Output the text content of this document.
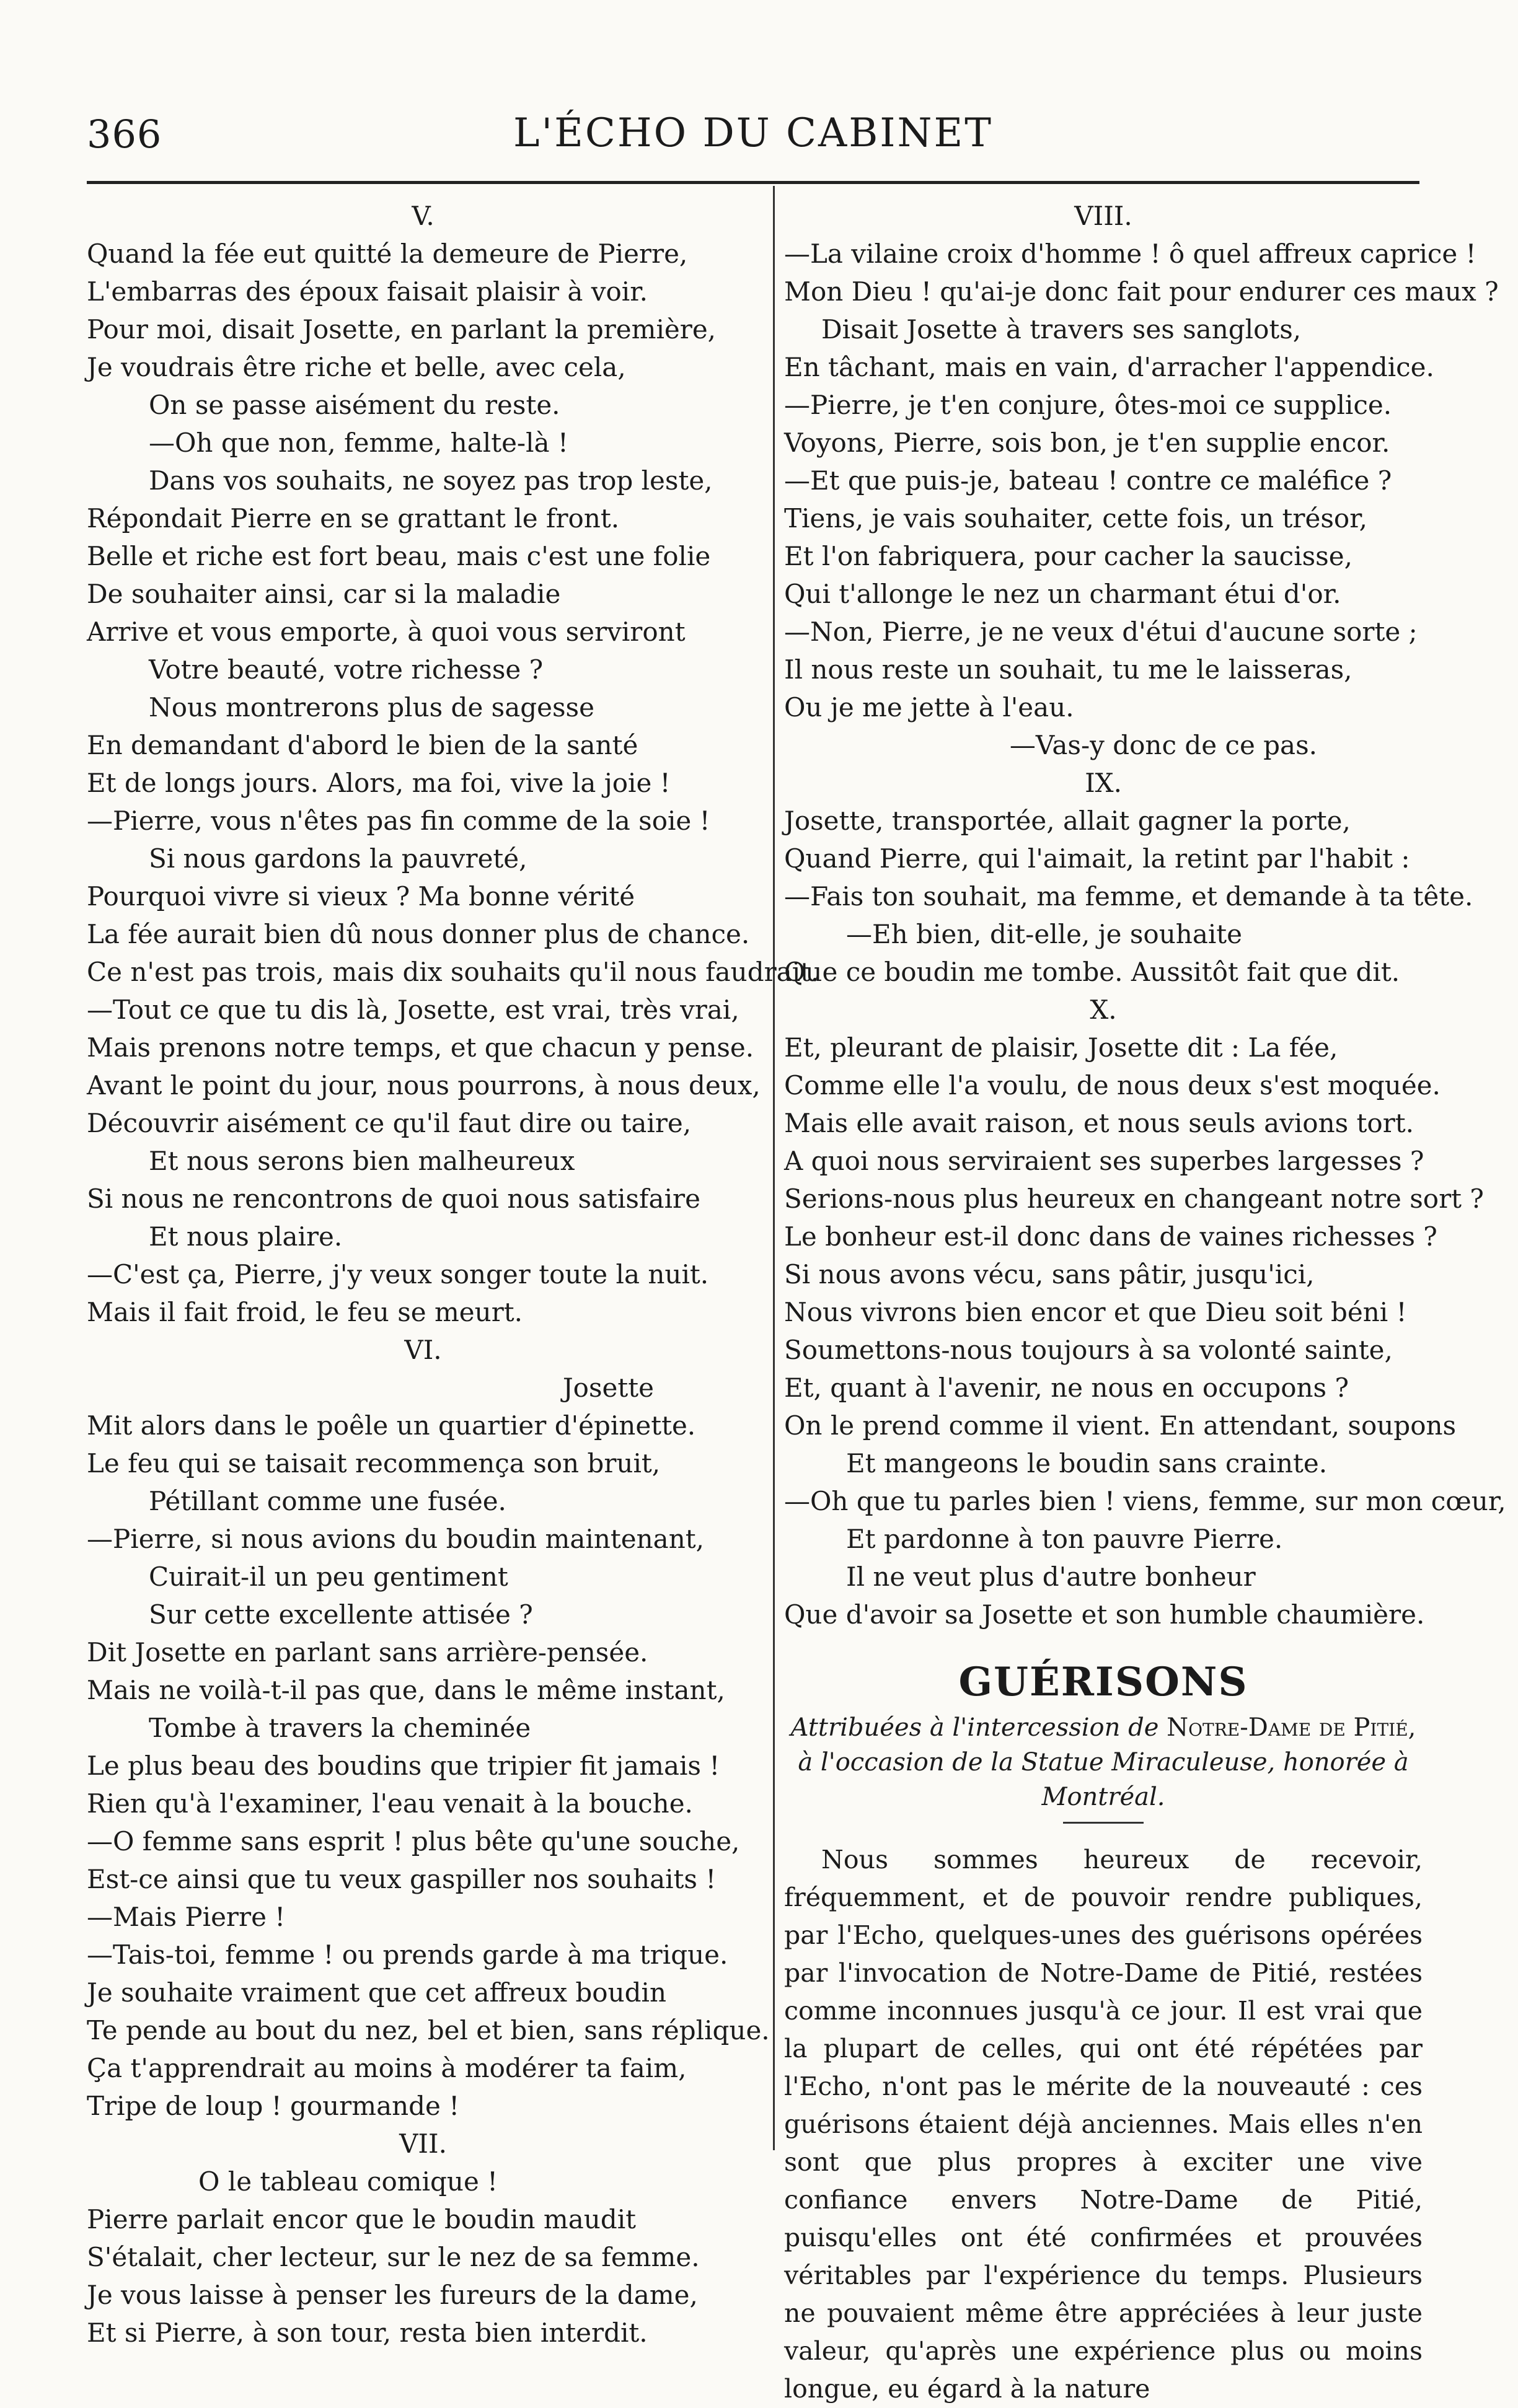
366	L'ÉCHO DU CABINET
V.
Quand la fée eut quitté la demeure de Pierre,
L'embarras des époux faisait plaisir à voir.
Pour moi, disait Josette, en parlant la première,
Je voudrais être riche et belle, avec cela,
On se passe aisément du reste.
—Oh que non, femme, halte-là !
Dans vos souhaits, ne soyez pas trop leste,
Répondait Pierre en se grattant le front.
Belle et riche est fort beau, mais c'est une folie
De souhaiter ainsi, car si la maladie
Arrive et vous emporte, à quoi vous serviront
Votre beauté, votre richesse ?
Nous montrerons plus de sagesse
En demandant d'abord le bien de la santé
Et de longs jours. Alors, ma foi, vive la joie !
—Pierre, vous n'êtes pas fin comme de la soie !
Si nous gardons la pauvreté,
Pourquoi vivre si vieux ? Ma bonne vérité
La fée aurait bien dû nous donner plus de chance.
Ce n'est pas trois, mais dix souhaits qu'il nous faudrait.
—Tout ce que tu dis là, Josette, est vrai, très vrai,
Mais prenons notre temps, et que chacun y pense.
Avant le point du jour, nous pourrons, à nous deux,
Découvrir aisément ce qu'il faut dire ou taire,
Et nous serons bien malheureux
Si nous ne rencontrons de quoi nous satisfaire
Et nous plaire.
—C'est ça, Pierre, j'y veux songer toute la nuit.
Mais il fait froid, le feu se meurt.
VI.
Josette
Mit alors dans le poêle un quartier d'épinette.
Le feu qui se taisait recommença son bruit,
Pétillant comme une fusée.
—Pierre, si nous avions du boudin maintenant,
Cuirait-il un peu gentiment
Sur cette excellente attisée ?
Dit Josette en parlant sans arrière-pensée.
Mais ne voilà-t-il pas que, dans le même instant,
Tombe à travers la cheminée
Le plus beau des boudins que tripier fit jamais !
Rien qu'à l'examiner, l'eau venait à la bouche.
—O femme sans esprit ! plus bête qu'une souche,
Est-ce ainsi que tu veux gaspiller nos souhaits !
—Mais Pierre !
—Tais-toi, femme ! ou prends garde à ma trique.
Je souhaite vraiment que cet affreux boudin
Te pende au bout du nez, bel et bien, sans réplique.
Ça t'apprendrait au moins à modérer ta faim,
Tripe de loup ! gourmande !
VII.
O le tableau comique !
Pierre parlait encor que le boudin maudit
S'étalait, cher lecteur, sur le nez de sa femme.
Je vous laisse à penser les fureurs de la dame,
Et si Pierre, à son tour, resta bien interdit.
VIII.
—La vilaine croix d'homme ! ô quel affreux caprice !
Mon Dieu ! qu'ai-je donc fait pour endurer ces maux ?
Disait Josette à travers ses sanglots,
En tâchant, mais en vain, d'arracher l'appendice.
—Pierre, je t'en conjure, ôtes-moi ce supplice.
Voyons, Pierre, sois bon, je t'en supplie encor.
—Et que puis-je, bateau ! contre ce maléfice ?
Tiens, je vais souhaiter, cette fois, un trésor,
Et l'on fabriquera, pour cacher la saucisse,
Qui t'allonge le nez un charmant étui d'or.
—Non, Pierre, je ne veux d'étui d'aucune sorte ;
Il nous reste un souhait, tu me le laisseras,
Ou je me jette à l'eau.
—Vas-y donc de ce pas.
IX.
Josette, transportée, allait gagner la porte,
Quand Pierre, qui l'aimait, la retint par l'habit :
—Fais ton souhait, ma femme, et demande à ta tête.
—Eh bien, dit-elle, je souhaite
Que ce boudin me tombe. Aussitôt fait que dit.
X.
Et, pleurant de plaisir, Josette dit : La fée,
Comme elle l'a voulu, de nous deux s'est moquée.
Mais elle avait raison, et nous seuls avions tort.
A quoi nous serviraient ses superbes largesses ?
Serions-nous plus heureux en changeant notre sort ?
Le bonheur est-il donc dans de vaines richesses ?
Si nous avons vécu, sans pâtir, jusqu'ici,
Nous vivrons bien encor et que Dieu soit béni !
Soumettons-nous toujours à sa volonté sainte,
Et, quant à l'avenir, ne nous en occupons ?
On le prend comme il vient. En attendant, soupons
Et mangeons le boudin sans crainte.
—Oh que tu parles bien ! viens, femme, sur mon cœur,
Et pardonne à ton pauvre Pierre.
Il ne veut plus d'autre bonheur
Que d'avoir sa Josette et son humble chaumière.
GUÉRISONS
Attribuées à l'intercession de Notre-Dame de Pitié,
à l'occasion de la Statue Miraculeuse, honorée à
Montréal.
Nous sommes heureux de recevoir, fréquemment, et de pouvoir rendre publiques, par l'Echo, quelques-unes des guérisons opérées par l'invocation de Notre-Dame de Pitié, restées comme inconnues jusqu'à ce jour. Il est vrai que la plupart de celles, qui ont été répétées par l'Echo, n'ont pas le mérite de la nouveauté : ces guérisons étaient déjà anciennes. Mais elles n'en sont que plus propres à exciter une vive confiance envers Notre-Dame de Pitié, puisqu'elles ont été confirmées et prouvées véritables par l'expérience du temps. Plusieurs ne pouvaient même être appréciées à leur juste valeur, qu'après une expérience plus ou moins longue, eu égard à la nature
